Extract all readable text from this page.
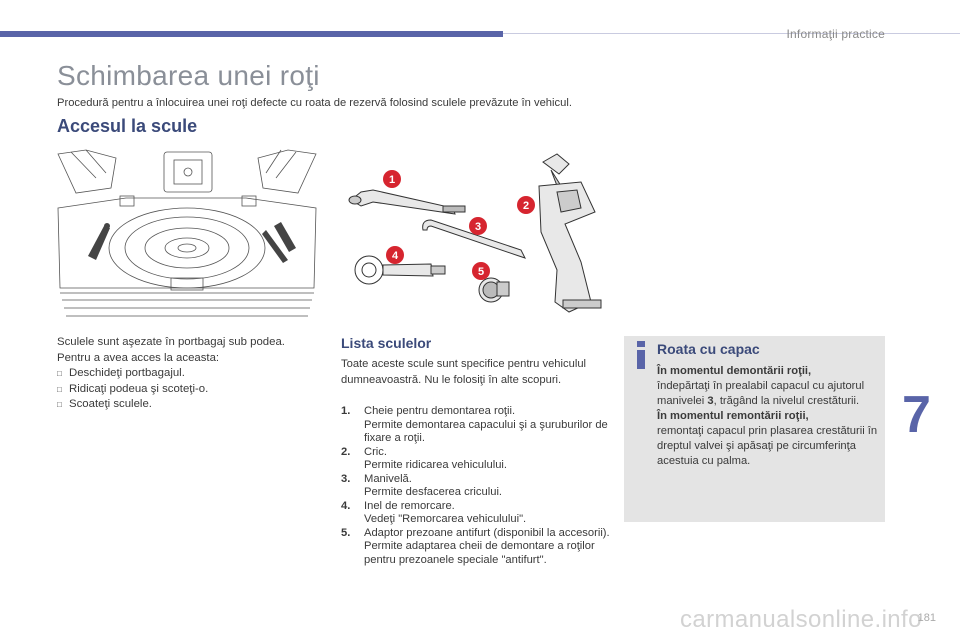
Informaţii practice
Schimbarea unei roţi
Procedură pentru a înlocuirea unei roţi defecte cu roata de rezervă folosind sculele prevăzute în vehicul.
Accesul la scule
1
2
3
4
5
Sculele sunt aşezate în portbagaj sub podea.
Pentru a avea acces la aceasta:
□ Deschideţi portbagajul.
□ Ridicaţi podeua şi scoteţi-o.
□ Scoateţi sculele.
Lista sculelor
Toate aceste scule sunt specifice pentru vehiculul dumneavoastră. Nu le folosiţi în alte scopuri.
1. Cheie pentru demontarea roţii.
Permite demontarea capacului şi a şuruburilor de fixare a roţii.
2. Cric.
Permite ridicarea vehiculului.
3. Manivelă.
Permite desfacerea cricului.
4. Inel de remorcare.
Vedeţi "Remorcarea vehiculului".
5. Adaptor prezoane antifurt (disponibil la accesorii).
Permite adaptarea cheii de demontare a roţilor pentru prezoanele speciale "antifurt".
Roata cu capac
În momentul demontării roţii,
îndepărtaţi în prealabil capacul cu ajutorul manivelei 3, trăgând la nivelul crestăturii.
În momentul remontării roţii,
remontaţi capacul prin plasarea crestăturii în dreptul valvei şi apăsaţi pe circumferinţa acestuia cu palma.
7
carmanualsonline.info
181
